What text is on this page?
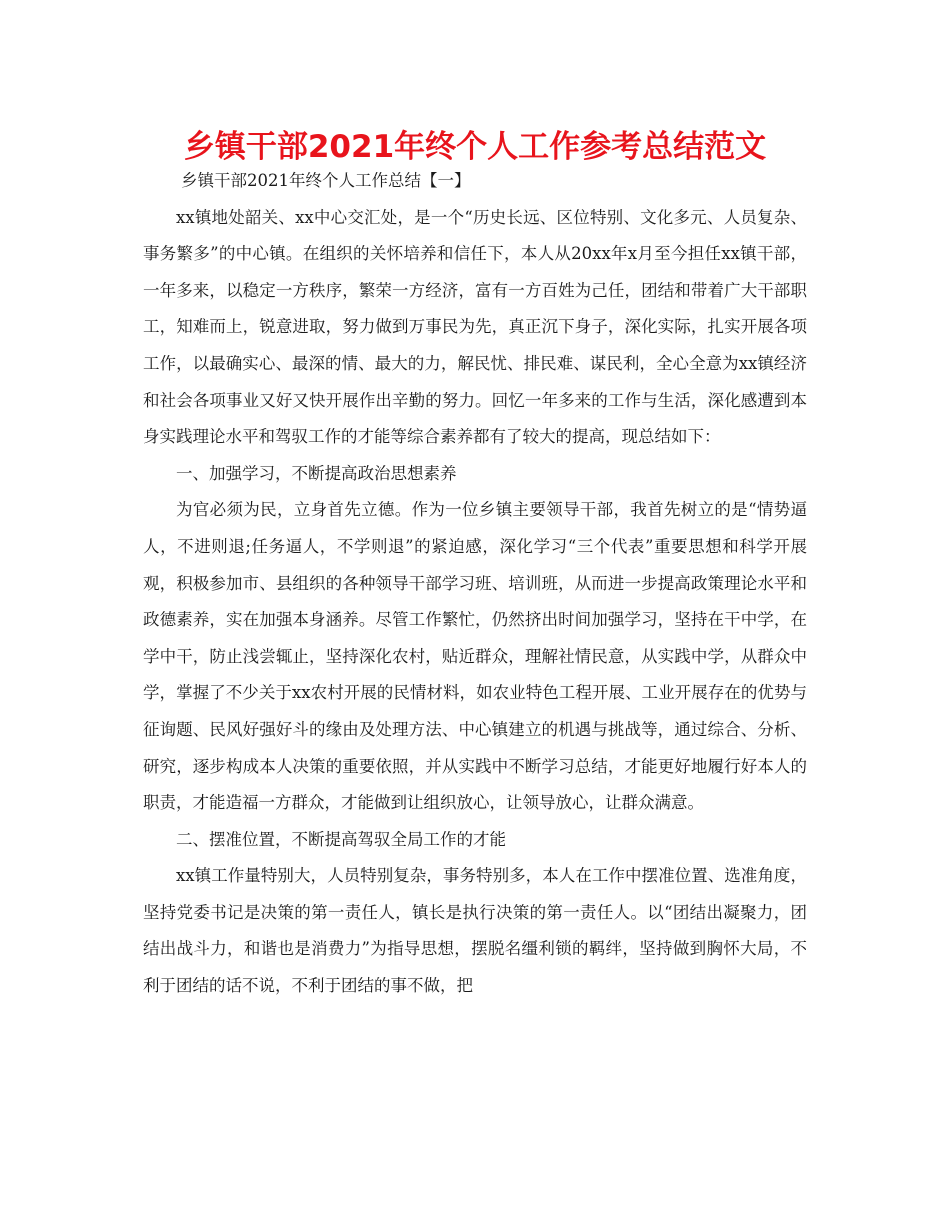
乡镇干部2021年终个人工作参考总结范文

乡镇干部2021年终个人工作总结【一】

xx镇地处韶关、xx中心交汇处，是一个“历史长远、区位特别、文化多元、人员复杂、事务繁多”的中心镇。在组织的关怀培养和信任下，本人从20xx年x月至今担任xx镇干部，一年多来，以稳定一方秩序，繁荣一方经济，富有一方百姓为己任，团结和带着广大干部职工，知难而上，锐意进取，努力做到万事民为先，真正沉下身子，深化实际，扎实开展各项工作，以最确实心、最深的情、最大的力，解民忧、排民难、谋民利，全心全意为xx镇经济和社会各项事业又好又快开展作出辛勤的努力。回忆一年多来的工作与生活，深化感遭到本身实践理论水平和驾驭工作的才能等综合素养都有了较大的提高，现总结如下：

一、加强学习，不断提高政治思想素养

为官必须为民，立身首先立德。作为一位乡镇主要领导干部，我首先树立的是“情势逼人，不进则退;任务逼人，不学则退”的紧迫感，深化学习“三个代表”重要思想和科学开展观，积极参加市、县组织的各种领导干部学习班、培训班，从而进一步提高政策理论水平和政德素养，实在加强本身涵养。尽管工作繁忙，仍然挤出时间加强学习，坚持在干中学，在学中干，防止浅尝辄止，坚持深化农村，贴近群众，理解社情民意，从实践中学，从群众中学，掌握了不少关于xx农村开展的民情材料，如农业特色工程开展、工业开展存在的优势与征询题、民风好强好斗的缘由及处理方法、中心镇建立的机遇与挑战等，通过综合、分析、研究，逐步构成本人决策的重要依照，并从实践中不断学习总结，才能更好地履行好本人的职责，才能造福一方群众，才能做到让组织放心，让领导放心，让群众满意。

二、摆准位置，不断提高驾驭全局工作的才能

xx镇工作量特别大，人员特别复杂，事务特别多，本人在工作中摆准位置、选准角度，坚持党委书记是决策的第一责任人，镇长是执行决策的第一责任人。以“团结出凝聚力，团结出战斗力，和谐也是消费力”为指导思想，摆脱名缰利锁的羁绊，坚持做到胸怀大局，不利于团结的话不说，不利于团结的事不做，把
